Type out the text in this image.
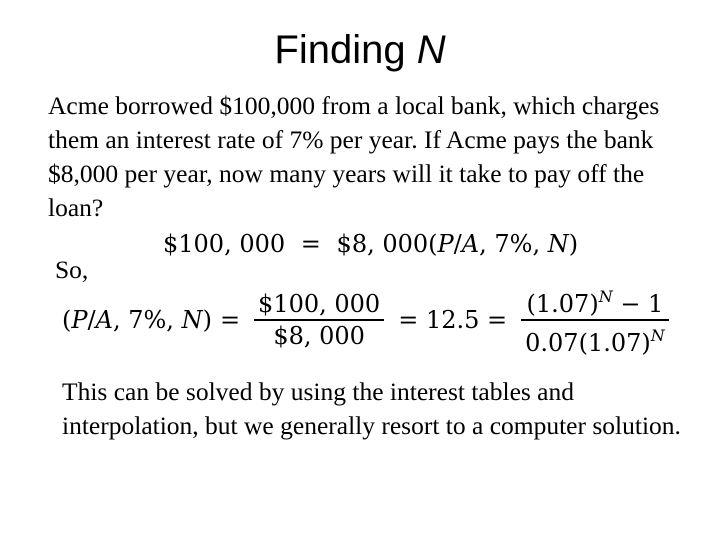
Finding N
Acme borrowed $100,000 from a local bank, which charges them an interest rate of 7% per year. If Acme pays the bank $8,000 per year, now many years will it take to pay off the loan?
$100, 000 = $8, 000(P/A, 7%, N)
So,
(P/A, 7%, $N) = \frac{\$100, 000}{\$8, 000} = 12.5 = \frac{(1.07)^N - 1}{0.07(1.07)^N}$
This can be solved by using the interest tables and interpolation, but we generally resort to a computer solution.
